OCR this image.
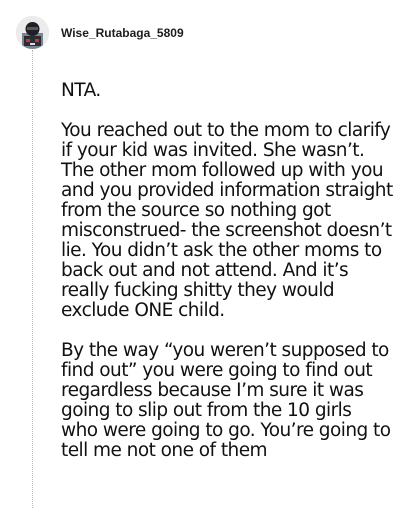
Wise_Rutabaga_5809

NTA.

You reached out to the mom to clarify if your kid was invited. She wasn’t. The other mom followed up with you and you provided information straight from the source so nothing got misconstrued- the screenshot doesn’t lie. You didn’t ask the other moms to back out and not attend. And it’s really fucking shitty they would exclude ONE child.

By the way “you weren’t supposed to find out” you were going to find out regardless because I’m sure it was going to slip out from the 10 girls who were going to go. You’re going to tell me not one of them
